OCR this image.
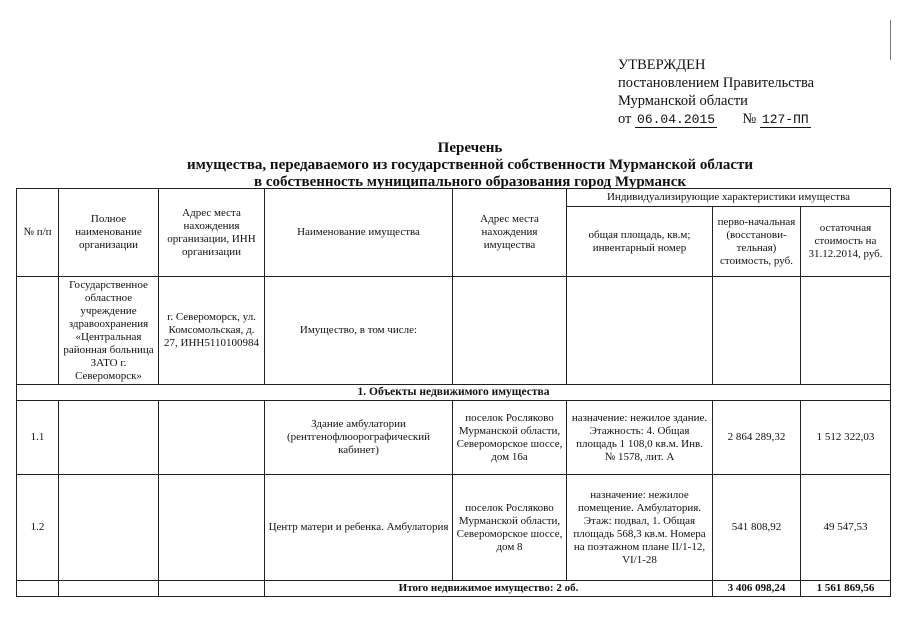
УТВЕРЖДЕН
постановлением Правительства
Мурманской области
от 06.04.2015 № 127-ПП
Перечень
имущества, передаваемого из государственной собственности Мурманской области
в собственность муниципального образования город Мурманск
№ п/п	Полное наименование организации	Адрес места нахождения организации, ИНН организации	Наименование имущества	Адрес места нахождения имущества	Индивидуализирующие характеристики имущества		
					общая площадь, кв.м; инвентарный номер	перво-начальная (восстанови-тельная) стоимость, руб.	остаточная стоимость на 31.12.2014, руб.
	Государственное областное учреждение здравоохранения «Центральная районная больница ЗАТО г. Североморск»	г. Североморск, ул. Комсомольская, д. 27, ИНН5110100984	Имущество, в том числе:				
1. Объекты недвижимого имущества							
1.1			Здание амбулатории (рентгенофлюорографический кабинет)	поселок Росляково Мурманской области, Североморское шоссе, дом 16а	назначение: нежилое здание. Этажность: 4. Общая площадь 1 108,0 кв.м. Инв. № 1578, лит. А	2 864 289,32	1 512 322,03
1.2			Центр матери и ребенка. Амбулатория	поселок Росляково Мурманской области, Североморское шоссе, дом 8	назначение: нежилое помещение. Амбулатория. Этаж: подвал, 1. Общая площадь 568,3 кв.м. Номера на поэтажном плане II/1-12, VI/1-28	541 808,92	49 547,53
			Итого недвижимое имущество: 2 об.			3 406 098,24	1 561 869,56
